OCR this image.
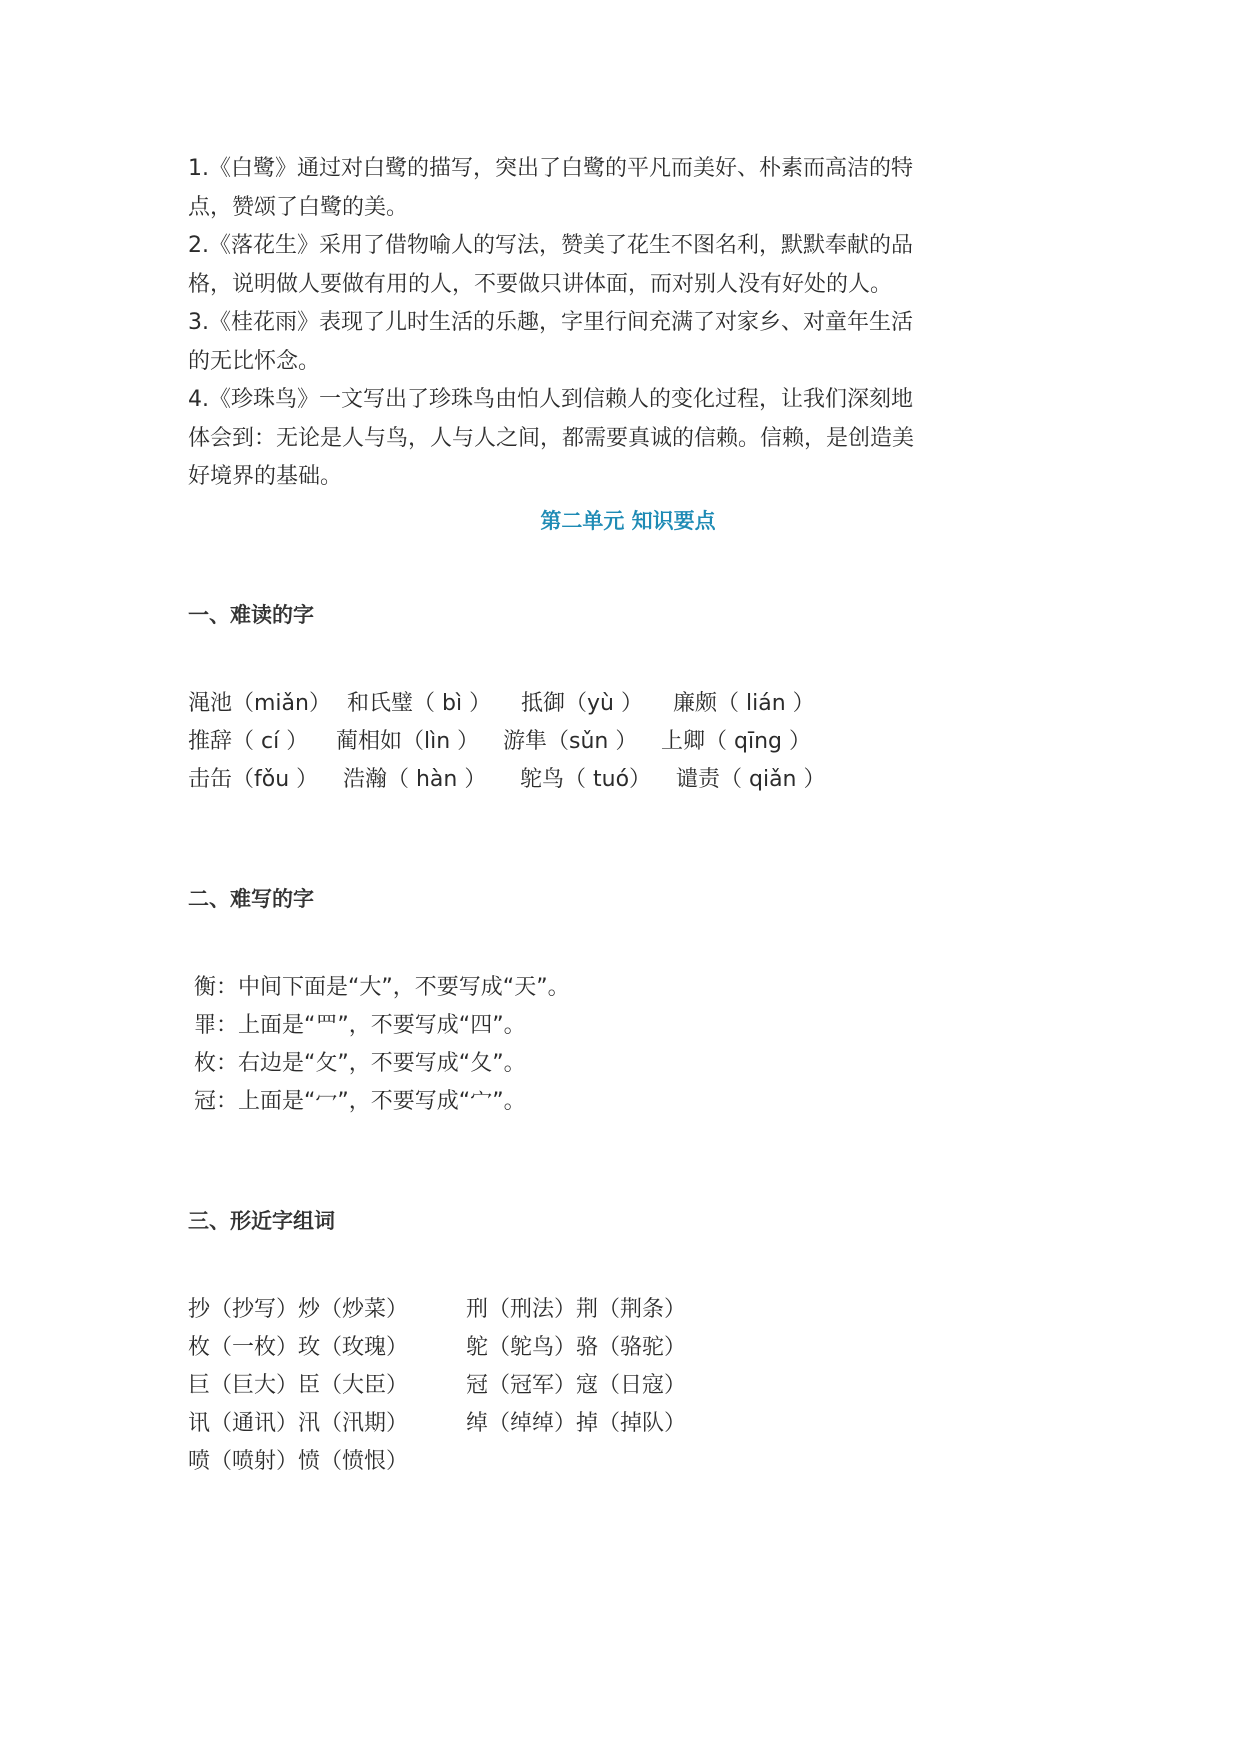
1.《白鹭》通过对白鹭的描写，突出了白鹭的平凡而美好、朴素而高洁的特点，赞颂了白鹭的美。

2.《落花生》采用了借物喻人的写法，赞美了花生不图名利，默默奉献的品格，说明做人要做有用的人，不要做只讲体面，而对别人没有好处的人。

3.《桂花雨》表现了儿时生活的乐趣，字里行间充满了对家乡、对童年生活的无比怀念。

4.《珍珠鸟》一文写出了珍珠鸟由怕人到信赖人的变化过程，让我们深刻地体会到：无论是人与鸟，人与人之间，都需要真诚的信赖。信赖，是创造美好境界的基础。

第二单元 知识要点
一、难读的字
渑池（miǎn） 和氏璧（ bì ） 抵御（yù ） 廉颇（ lián ）
推辞（ cí ） 蔺相如（lìn ） 游隼（sǔn ） 上卿（ qīng ）
击缶（fǒu ） 浩瀚（ hàn ） 鸵鸟（ tuó） 谴责（ qiǎn ）
二、难写的字
衡：中间下面是“大”，不要写成“天”。
罪：上面是“罒”，不要写成“四”。
枚：右边是“攵”，不要写成“夂”。
冠：上面是“冖”，不要写成“宀”。
三、形近字组词
抄（抄写）炒（炒菜）	刑（刑法）荆（荆条）
枚（一枚）玫（玫瑰）	鸵（鸵鸟）骆（骆驼）
巨（巨大）臣（大臣）	冠（冠军）寇（日寇）
讯（通讯）汛（汛期）	绰（绰绰）掉（掉队）
喷（喷射）愤（愤恨）
